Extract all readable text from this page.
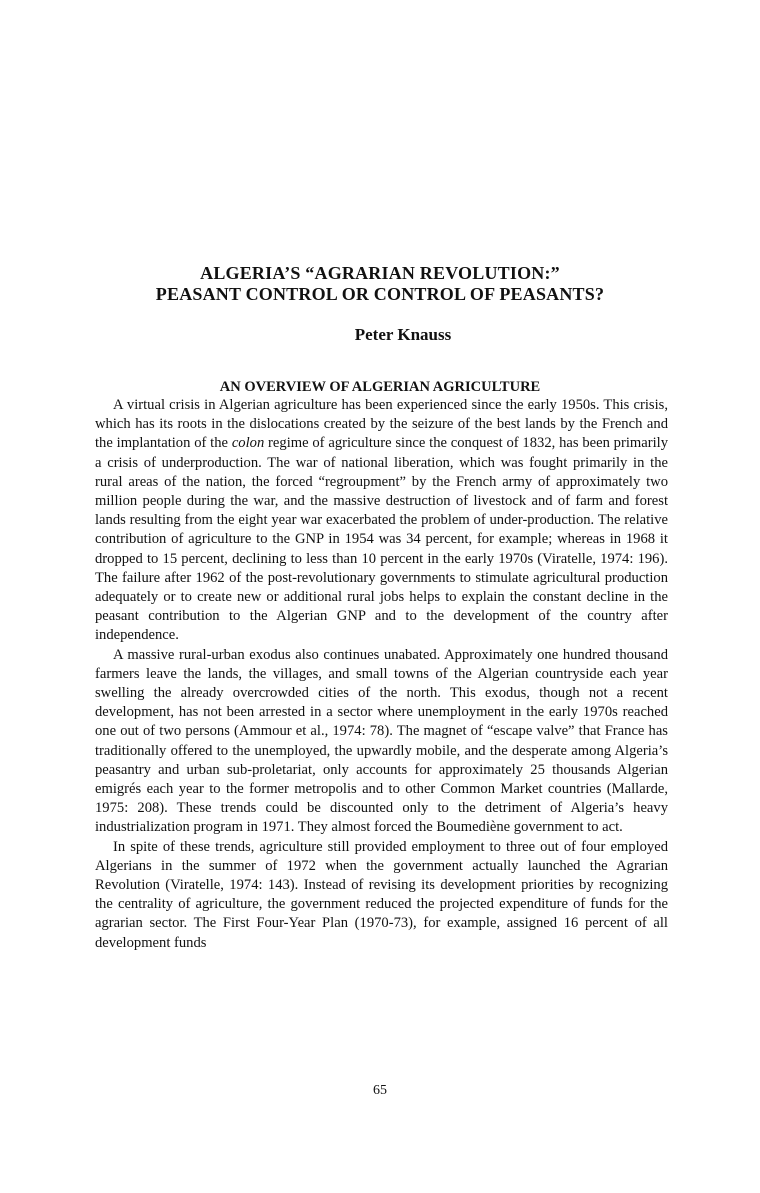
ALGERIA’S “AGRARIAN REVOLUTION:”
PEASANT CONTROL OR CONTROL OF PEASANTS?
Peter Knauss
AN OVERVIEW OF ALGERIAN AGRICULTURE

A virtual crisis in Algerian agriculture has been experienced since the early 1950s. This crisis, which has its roots in the dislocations created by the seizure of the best lands by the French and the implantation of the colon regime of agriculture since the conquest of 1832, has been primarily a crisis of underproduction. The war of national liberation, which was fought primarily in the rural areas of the nation, the forced “regroupment” by the French army of approximately two million people during the war, and the massive destruction of livestock and of farm and forest lands resulting from the eight year war exacerbated the problem of under-production. The relative contribution of agriculture to the GNP in 1954 was 34 percent, for example; whereas in 1968 it dropped to 15 percent, declining to less than 10 percent in the early 1970s (Viratelle, 1974: 196). The failure after 1962 of the post-revolutionary governments to stimulate agricultural production adequately or to create new or additional rural jobs helps to explain the constant decline in the peasant contribution to the Algerian GNP and to the development of the country after independence.

A massive rural-urban exodus also continues unabated. Approximately one hundred thousand farmers leave the lands, the villages, and small towns of the Algerian countryside each year swelling the already overcrowded cities of the north. This exodus, though not a recent development, has not been arrested in a sector where unemployment in the early 1970s reached one out of two persons (Ammour et al., 1974: 78). The magnet of “escape valve” that France has traditionally offered to the unemployed, the upwardly mobile, and the desperate among Algeria’s peasantry and urban sub-proletariat, only accounts for approximately 25 thousands Algerian emigrés each year to the former metropolis and to other Common Market countries (Mallarde, 1975: 208). These trends could be discounted only to the detriment of Algeria’s heavy industrialization program in 1971. They almost forced the Boumediène government to act.

In spite of these trends, agriculture still provided employment to three out of four employed Algerians in the summer of 1972 when the government actually launched the Agrarian Revolution (Viratelle, 1974: 143). Instead of revising its development priorities by recognizing the centrality of agriculture, the government reduced the projected expenditure of funds for the agrarian sector. The First Four-Year Plan (1970-73), for example, assigned 16 percent of all development funds

65
